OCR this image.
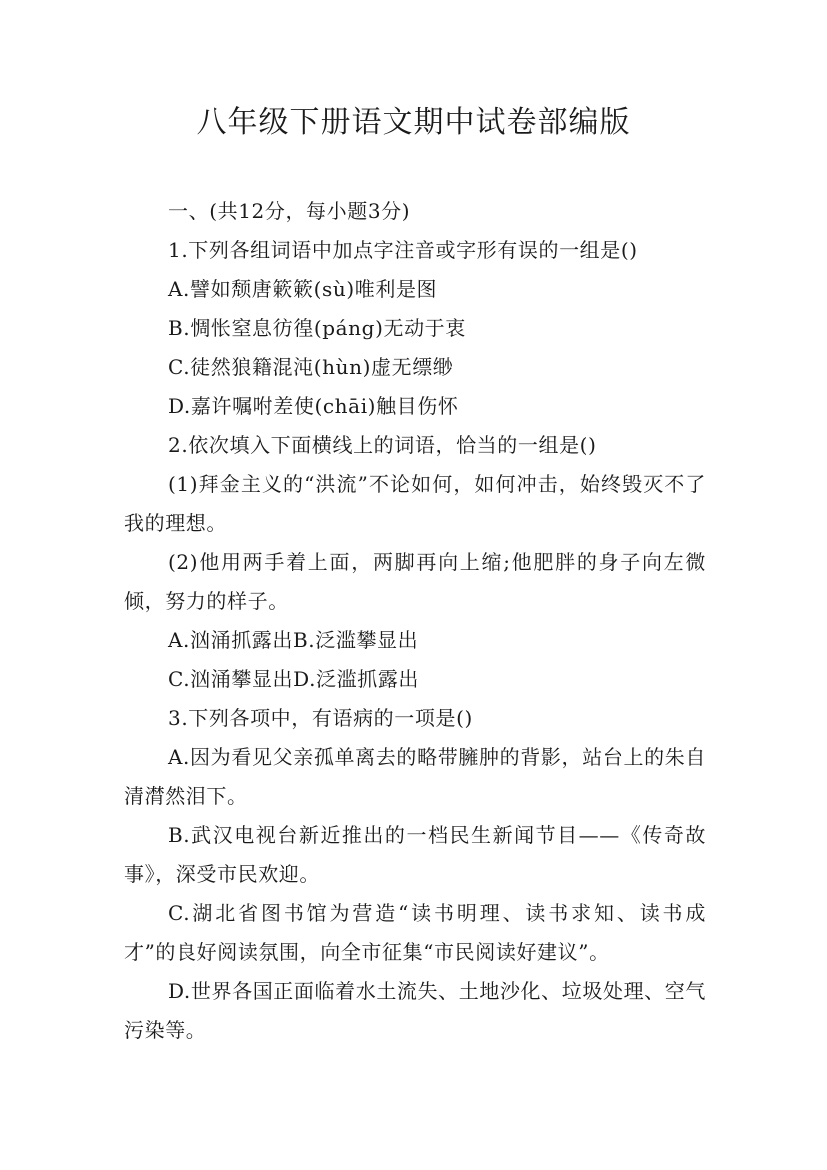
八年级下册语文期中试卷部编版

一、(共12分，每小题3分)

1.下列各组词语中加点字注音或字形有误的一组是()

A.譬如颓唐簌簌(sù)唯利是图

B.惆怅窒息彷徨(páng)无动于衷

C.徒然狼籍混沌(hùn)虚无缥缈

D.嘉许嘱咐差使(chāi)触目伤怀

2.依次填入下面横线上的词语，恰当的一组是()

(1)拜金主义的“洪流”不论如何，如何冲击，始终毁灭不了我的理想。

(2)他用两手着上面，两脚再向上缩;他肥胖的身子向左微倾，努力的样子。

A.汹涌抓露出B.泛滥攀显出

C.汹涌攀显出D.泛滥抓露出

3.下列各项中，有语病的一项是()

A.因为看见父亲孤单离去的略带臃肿的背影，站台上的朱自清潸然泪下。

B.武汉电视台新近推出的一档民生新闻节目——《传奇故事》，深受市民欢迎。

C.湖北省图书馆为营造“读书明理、读书求知、读书成才”的良好阅读氛围，向全市征集“市民阅读好建议”。

D.世界各国正面临着水土流失、土地沙化、垃圾处理、空气污染等。
